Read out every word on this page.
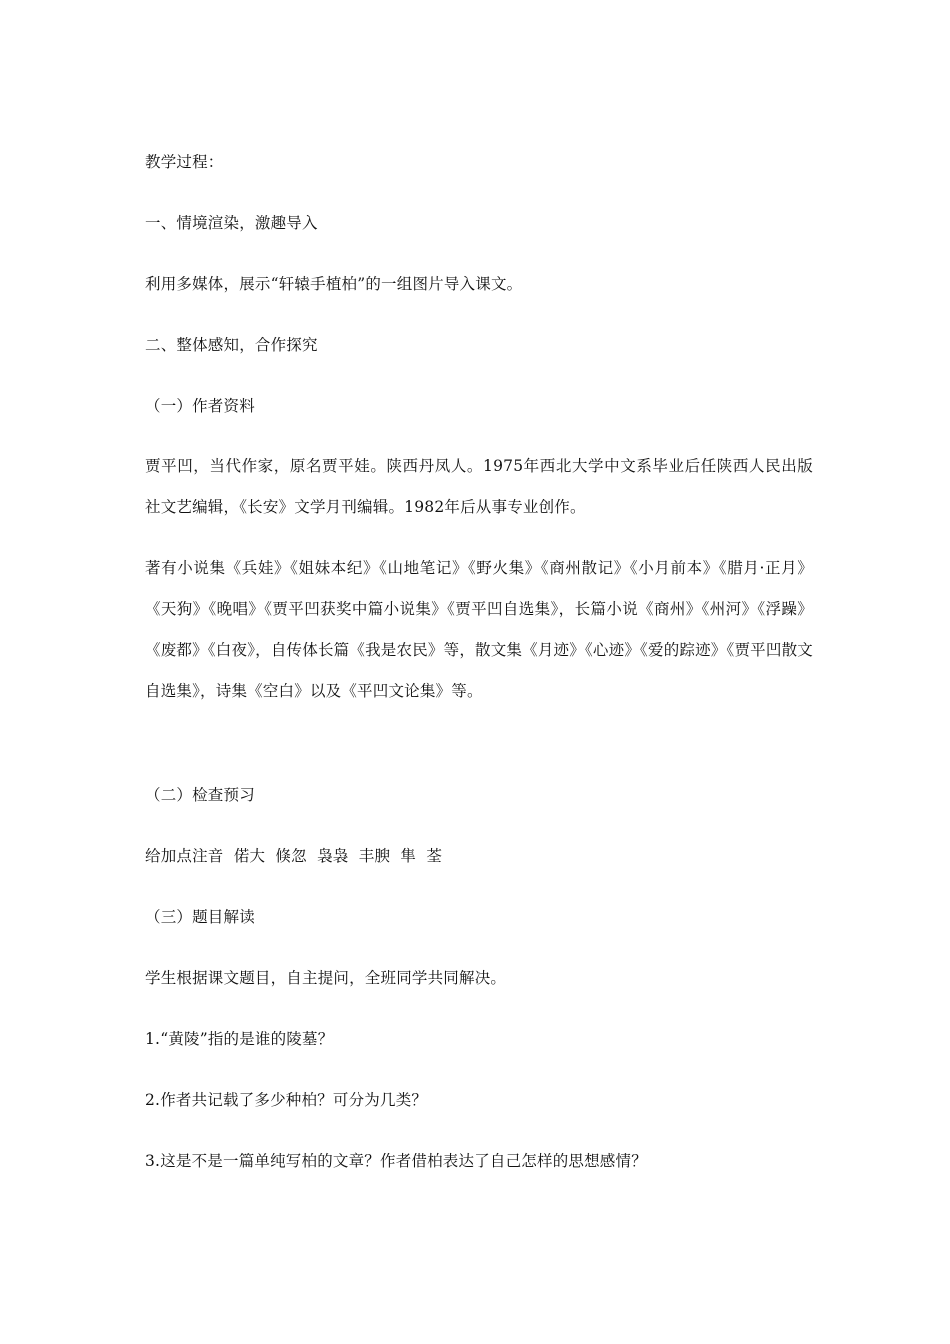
教学过程：
一、情境渲染，激趣导入
利用多媒体，展示“轩辕手植柏”的一组图片导入课文。
二、整体感知，合作探究
（一）作者资料
贾平凹，当代作家，原名贾平娃。陕西丹凤人。1975年西北大学中文系毕业后任陕西人民出版社文艺编辑，《长安》文学月刊编辑。1982年后从事专业创作。
著有小说集《兵娃》《姐妹本纪》《山地笔记》《野火集》《商州散记》《小月前本》《腊月·正月》《天狗》《晚唱》《贾平凹获奖中篇小说集》《贾平凹自选集》，长篇小说《商州》《州河》《浮躁》《废都》《白夜》，自传体长篇《我是农民》等，散文集《月迹》《心迹》《爱的踪迹》《贾平凹散文自选集》，诗集《空白》以及《平凹文论集》等。
（二）检查预习
给加点注音  偌大  倏忽  袅袅  丰腴  隼  荃
（三）题目解读
学生根据课文题目，自主提问，全班同学共同解决。
1.“黄陵”指的是谁的陵墓？
2.作者共记载了多少种柏？可分为几类？
3.这是不是一篇单纯写柏的文章？作者借柏表达了自己怎样的思想感情？
